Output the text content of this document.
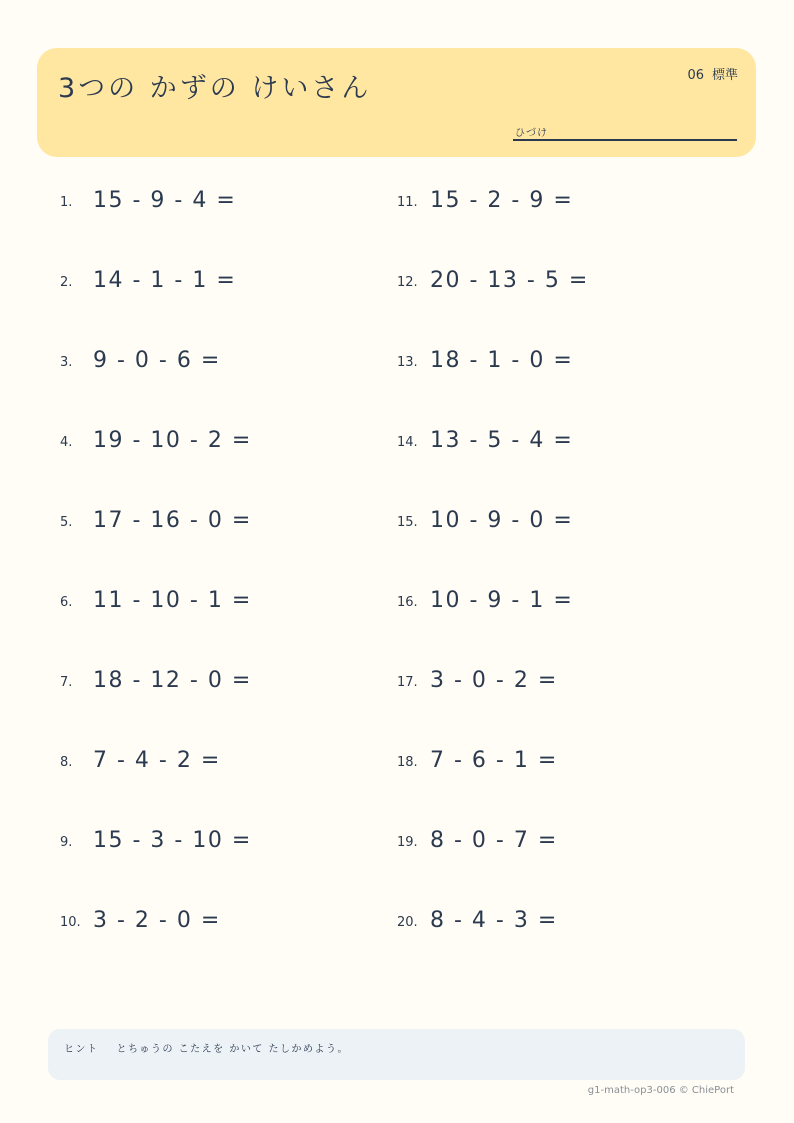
3つの かずの けいさん	06 標準
ひづけ
1. 15 - 9 - 4 =
2. 14 - 1 - 1 =
3. 9 - 0 - 6 =
4. 19 - 10 - 2 =
5. 17 - 16 - 0 =
6. 11 - 10 - 1 =
7. 18 - 12 - 0 =
8. 7 - 4 - 2 =
9. 15 - 3 - 10 =
10. 3 - 2 - 0 =
11. 15 - 2 - 9 =
12. 20 - 13 - 5 =
13. 18 - 1 - 0 =
14. 13 - 5 - 4 =
15. 10 - 9 - 0 =
16. 10 - 9 - 1 =
17. 3 - 0 - 2 =
18. 7 - 6 - 1 =
19. 8 - 0 - 7 =
20. 8 - 4 - 3 =
ヒント とちゅうの こたえを かいて たしかめよう。
g1-math-op3-006 © ChiePort
